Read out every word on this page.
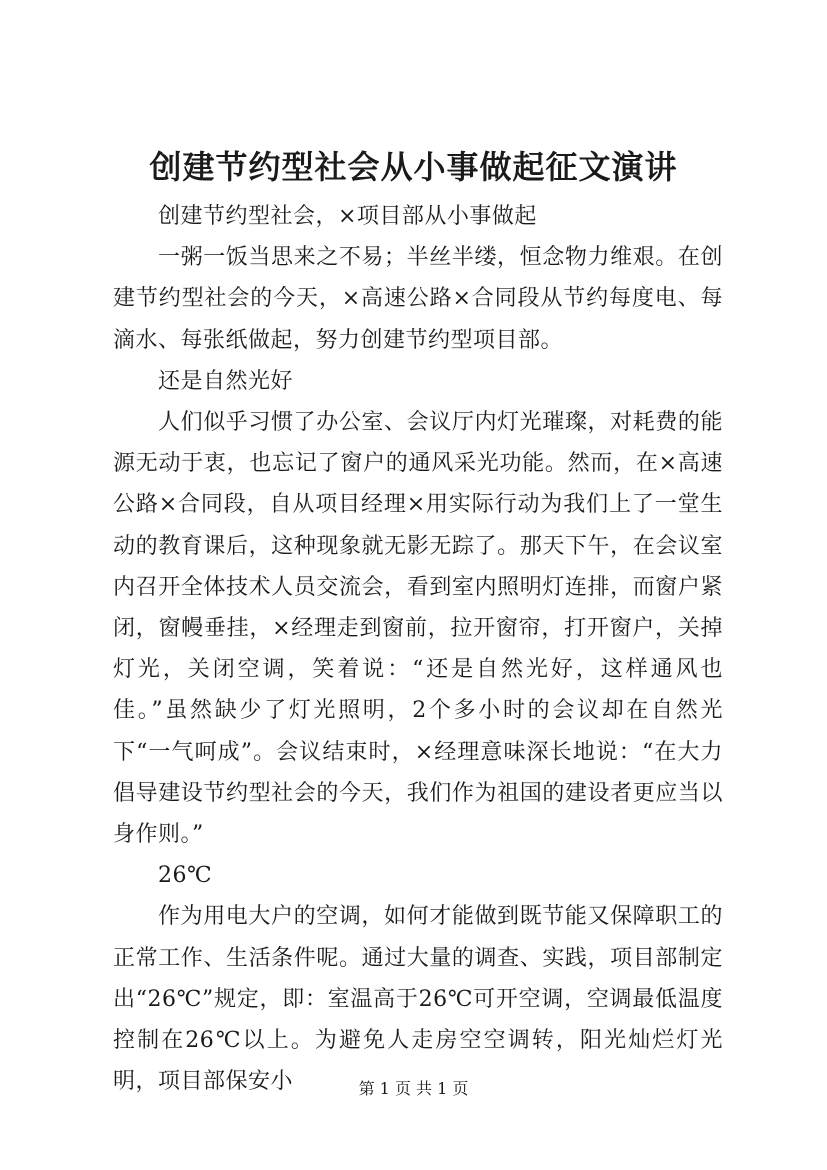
创建节约型社会从小事做起征文演讲

创建节约型社会，×项目部从小事做起

一粥一饭当思来之不易；半丝半缕，恒念物力维艰。在创建节约型社会的今天，×高速公路×合同段从节约每度电、每滴水、每张纸做起，努力创建节约型项目部。

还是自然光好

人们似乎习惯了办公室、会议厅内灯光璀璨，对耗费的能源无动于衷，也忘记了窗户的通风采光功能。然而，在×高速公路×合同段，自从项目经理×用实际行动为我们上了一堂生动的教育课后，这种现象就无影无踪了。那天下午，在会议室内召开全体技术人员交流会，看到室内照明灯连排，而窗户紧闭，窗幔垂挂，×经理走到窗前，拉开窗帘，打开窗户，关掉灯光，关闭空调，笑着说：“还是自然光好，这样通风也佳。”虽然缺少了灯光照明，2个多小时的会议却在自然光下“一气呵成”。会议结束时，×经理意味深长地说：“在大力倡导建设节约型社会的今天，我们作为祖国的建设者更应当以身作则。”

26℃

作为用电大户的空调，如何才能做到既节能又保障职工的正常工作、生活条件呢。通过大量的调查、实践，项目部制定出“26℃”规定，即：室温高于26℃可开空调，空调最低温度控制在26℃以上。为避免人走房空空调转，阳光灿烂灯光明，项目部保安小	第 1 页 共 1 页
